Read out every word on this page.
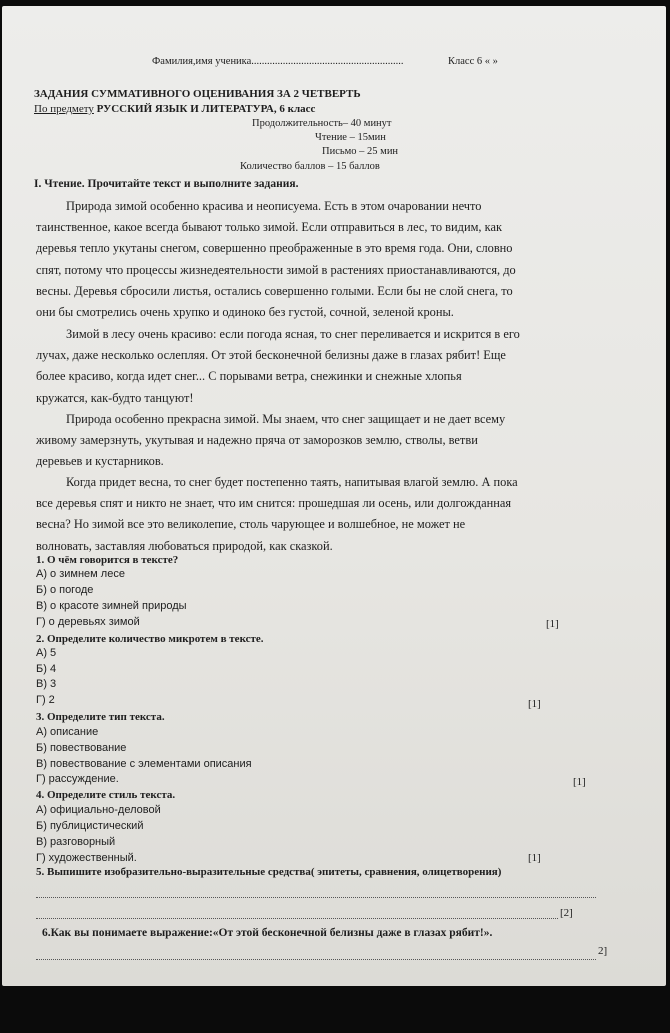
Фамилия,имя ученика..........................................................	Класс 6 « »
ЗАДАНИЯ СУММАТИВНОГО ОЦЕНИВАНИЯ ЗА 2 ЧЕТВЕРТЬ
По предмету РУССКИЙ ЯЗЫК И ЛИТЕРАТУРА, 6 класс
Продолжительность– 40 минут
Чтение – 15мин
Письмо – 25 мин
Количество баллов – 15 баллов
I. Чтение. Прочитайте текст и выполните задания.
Природа зимой особенно красива и неописуема. Есть в этом очаровании нечто
таинственное, какое всегда бывают только зимой. Если отправиться в лес, то видим, как
деревья тепло укутаны снегом, совершенно преображенные в это время года. Они, словно
спят, потому что процессы жизнедеятельности зимой в растениях приостанавливаются, до
весны. Деревья сбросили листья, остались совершенно голыми. Если бы не слой снега, то
они бы смотрелись очень хрупко и одиноко без густой, сочной, зеленой кроны.
Зимой в лесу очень красиво: если погода ясная, то снег переливается и искрится в его
лучах, даже несколько ослепляя. От этой бесконечной белизны даже в глазах рябит! Еще
более красиво, когда идет снег... С порывами ветра, снежинки и снежные хлопья
кружатся, как-будто танцуют!
Природа особенно прекрасна зимой. Мы знаем, что снег защищает и не дает всему
живому замерзнуть, укутывая и надежно пряча от заморозков землю, стволы, ветви
деревьев и кустарников.
Когда придет весна, то снег будет постепенно таять, напитывая влагой землю. А пока
все деревья спят и никто не знает, что им снится: прошедшая ли осень, или долгожданная
весна? Но зимой все это великолепие, столь чарующее и волшебное, не может не
волновать, заставляя любоваться природой, как сказкой.
1. О чём говорится в тексте?
А) о зимнем лесе
Б) о погоде
В) о красоте зимней природы
Г) о деревьях зимой	[1]
2. Определите количество микротем в тексте.
А) 5
Б) 4
В) 3
Г) 2	[1]
3. Определите тип текста.
А) описание
Б) повествование
В) повествование с элементами описания
Г) рассуждение.	[1]
4. Определите стиль текста.
А) официально-деловой
Б) публицистический
В) разговорный
Г) художественный.	[1]
5. Выпишите изобразительно-выразительные средства( эпитеты, сравнения, олицетворения)
[2]
6.Как вы понимаете выражение:«От этой бесконечной белизны даже в глазах рябит!».
2]
